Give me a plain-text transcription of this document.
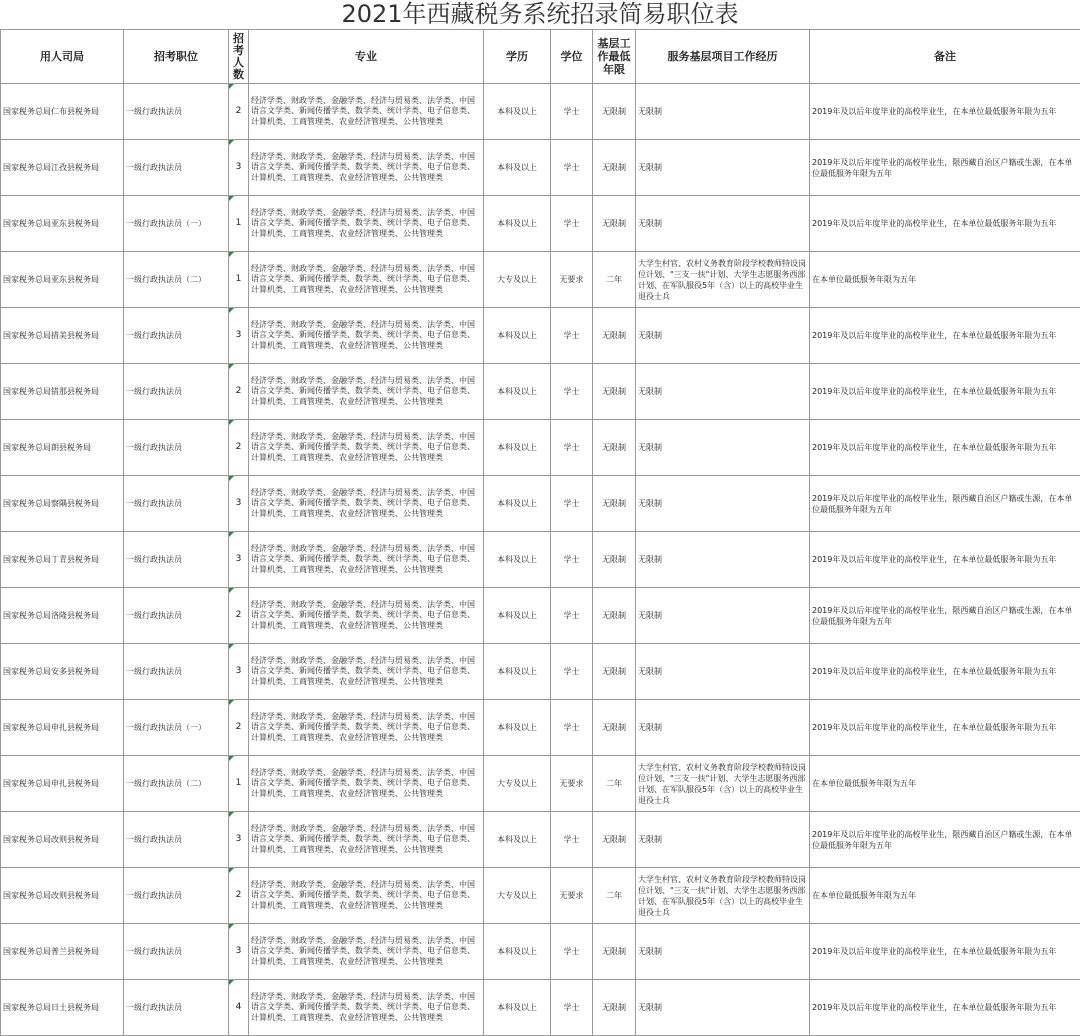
2021年西藏税务系统招录简易职位表
用人司局	招考职位	招考人数	专业	学历	学位	基层工作最低年限	服务基层项目工作经历	备注
国家税务总局仁布县税务局	一级行政执法员	2	经济学类、财政学类、金融学类、经济与贸易类、法学类、中国语言文学类、新闻传播学类、数学类、统计学类、电子信息类、计算机类、工商管理类、农业经济管理类、公共管理类	本科及以上	学士	无限制	无限制	2019年及以后年度毕业的高校毕业生，在本单位最低服务年限为五年
国家税务总局江孜县税务局	一级行政执法员	3	经济学类、财政学类、金融学类、经济与贸易类、法学类、中国语言文学类、新闻传播学类、数学类、统计学类、电子信息类、计算机类、工商管理类、农业经济管理类、公共管理类	本科及以上	学士	无限制	无限制	2019年及以后年度毕业的高校毕业生，限西藏自治区户籍或生源，在本单位最低服务年限为五年
国家税务总局亚东县税务局	一级行政执法员（一）	1	经济学类、财政学类、金融学类、经济与贸易类、法学类、中国语言文学类、新闻传播学类、数学类、统计学类、电子信息类、计算机类、工商管理类、农业经济管理类、公共管理类	本科及以上	学士	无限制	无限制	2019年及以后年度毕业的高校毕业生，在本单位最低服务年限为五年
国家税务总局亚东县税务局	一级行政执法员（二）	1	经济学类、财政学类、金融学类、经济与贸易类、法学类、中国语言文学类、新闻传播学类、数学类、统计学类、电子信息类、计算机类、工商管理类、农业经济管理类、公共管理类	大专及以上	无要求	二年	大学生村官、农村义务教育阶段学校教师特设岗位计划、"三支一扶"计划、大学生志愿服务西部计划、在军队服役5年（含）以上的高校毕业生退役士兵	在本单位最低服务年限为五年
国家税务总局措美县税务局	一级行政执法员	3	经济学类、财政学类、金融学类、经济与贸易类、法学类、中国语言文学类、新闻传播学类、数学类、统计学类、电子信息类、计算机类、工商管理类、农业经济管理类、公共管理类	本科及以上	学士	无限制	无限制	2019年及以后年度毕业的高校毕业生，在本单位最低服务年限为五年
国家税务总局错那县税务局	一级行政执法员	2	经济学类、财政学类、金融学类、经济与贸易类、法学类、中国语言文学类、新闻传播学类、数学类、统计学类、电子信息类、计算机类、工商管理类、农业经济管理类、公共管理类	本科及以上	学士	无限制	无限制	2019年及以后年度毕业的高校毕业生，在本单位最低服务年限为五年
国家税务总局朗县税务局	一级行政执法员	2	经济学类、财政学类、金融学类、经济与贸易类、法学类、中国语言文学类、新闻传播学类、数学类、统计学类、电子信息类、计算机类、工商管理类、农业经济管理类、公共管理类	本科及以上	学士	无限制	无限制	2019年及以后年度毕业的高校毕业生，在本单位最低服务年限为五年
国家税务总局察隅县税务局	一级行政执法员	3	经济学类、财政学类、金融学类、经济与贸易类、法学类、中国语言文学类、新闻传播学类、数学类、统计学类、电子信息类、计算机类、工商管理类、农业经济管理类、公共管理类	本科及以上	学士	无限制	无限制	2019年及以后年度毕业的高校毕业生，限西藏自治区户籍或生源，在本单位最低服务年限为五年
国家税务总局丁青县税务局	一级行政执法员	3	经济学类、财政学类、金融学类、经济与贸易类、法学类、中国语言文学类、新闻传播学类、数学类、统计学类、电子信息类、计算机类、工商管理类、农业经济管理类、公共管理类	本科及以上	学士	无限制	无限制	2019年及以后年度毕业的高校毕业生，在本单位最低服务年限为五年
国家税务总局洛隆县税务局	一级行政执法员	2	经济学类、财政学类、金融学类、经济与贸易类、法学类、中国语言文学类、新闻传播学类、数学类、统计学类、电子信息类、计算机类、工商管理类、农业经济管理类、公共管理类	本科及以上	学士	无限制	无限制	2019年及以后年度毕业的高校毕业生，限西藏自治区户籍或生源，在本单位最低服务年限为五年
国家税务总局安多县税务局	一级行政执法员	3	经济学类、财政学类、金融学类、经济与贸易类、法学类、中国语言文学类、新闻传播学类、数学类、统计学类、电子信息类、计算机类、工商管理类、农业经济管理类、公共管理类	本科及以上	学士	无限制	无限制	2019年及以后年度毕业的高校毕业生，在本单位最低服务年限为五年
国家税务总局申扎县税务局	一级行政执法员（一）	2	经济学类、财政学类、金融学类、经济与贸易类、法学类、中国语言文学类、新闻传播学类、数学类、统计学类、电子信息类、计算机类、工商管理类、农业经济管理类、公共管理类	本科及以上	学士	无限制	无限制	2019年及以后年度毕业的高校毕业生，在本单位最低服务年限为五年
国家税务总局申扎县税务局	一级行政执法员（二）	1	经济学类、财政学类、金融学类、经济与贸易类、法学类、中国语言文学类、新闻传播学类、数学类、统计学类、电子信息类、计算机类、工商管理类、农业经济管理类、公共管理类	大专及以上	无要求	二年	大学生村官、农村义务教育阶段学校教师特设岗位计划、"三支一扶"计划、大学生志愿服务西部计划、在军队服役5年（含）以上的高校毕业生退役士兵	在本单位最低服务年限为五年
国家税务总局改则县税务局	一级行政执法员	3	经济学类、财政学类、金融学类、经济与贸易类、法学类、中国语言文学类、新闻传播学类、数学类、统计学类、电子信息类、计算机类、工商管理类、农业经济管理类、公共管理类	本科及以上	学士	无限制	无限制	2019年及以后年度毕业的高校毕业生，限西藏自治区户籍或生源，在本单位最低服务年限为五年
国家税务总局改则县税务局	一级行政执法员	2	经济学类、财政学类、金融学类、经济与贸易类、法学类、中国语言文学类、新闻传播学类、数学类、统计学类、电子信息类、计算机类、工商管理类、农业经济管理类、公共管理类	大专及以上	无要求	二年	大学生村官、农村义务教育阶段学校教师特设岗位计划、"三支一扶"计划、大学生志愿服务西部计划、在军队服役5年（含）以上的高校毕业生退役士兵	在本单位最低服务年限为五年
国家税务总局普兰县税务局	一级行政执法员	3	经济学类、财政学类、金融学类、经济与贸易类、法学类、中国语言文学类、新闻传播学类、数学类、统计学类、电子信息类、计算机类、工商管理类、农业经济管理类、公共管理类	本科及以上	学士	无限制	无限制	2019年及以后年度毕业的高校毕业生，在本单位最低服务年限为五年
国家税务总局日土县税务局	一级行政执法员	4	经济学类、财政学类、金融学类、经济与贸易类、法学类、中国语言文学类、新闻传播学类、数学类、统计学类、电子信息类、计算机类、工商管理类、农业经济管理类、公共管理类	本科及以上	学士	无限制	无限制	2019年及以后年度毕业的高校毕业生，在本单位最低服务年限为五年
